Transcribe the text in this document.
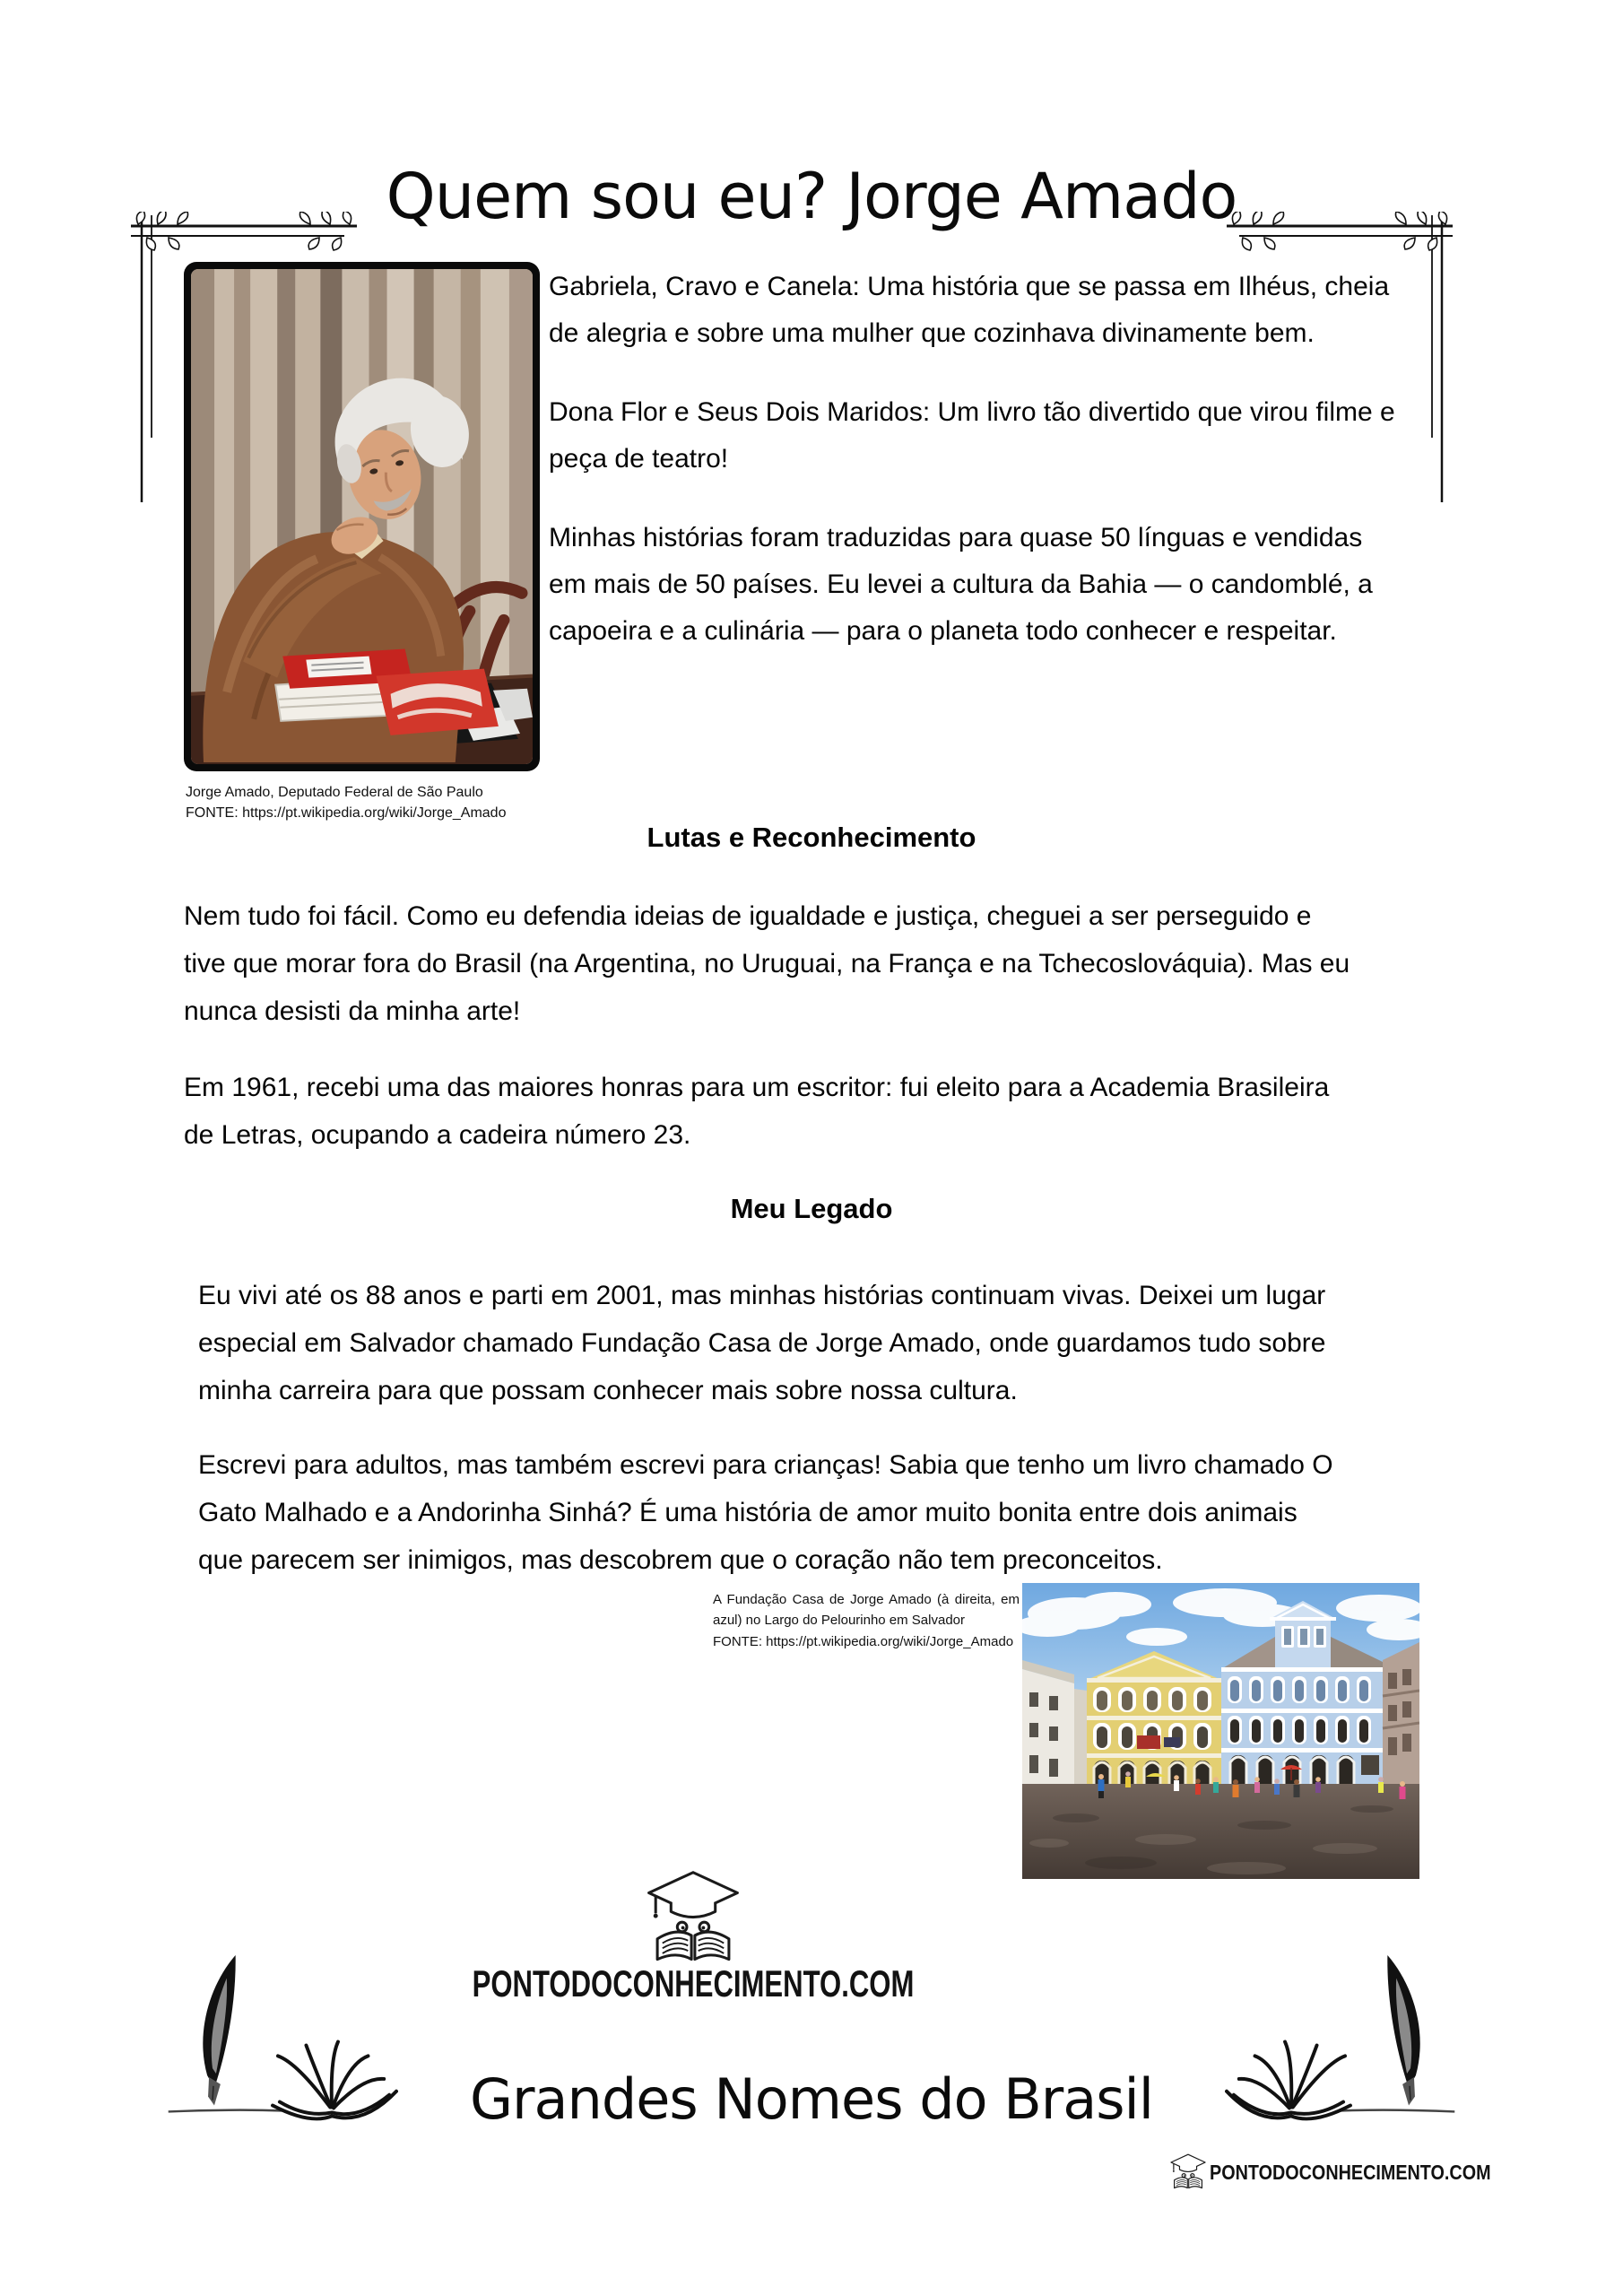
Quem sou eu? Jorge Amado
Jorge Amado, Deputado Federal de São Paulo
FONTE: https://pt.wikipedia.org/wiki/Jorge_Amado

Gabriela, Cravo e Canela: Uma história que se passa em Ilhéus, cheia de alegria e sobre uma mulher que cozinhava divinamente bem.

Dona Flor e Seus Dois Maridos: Um livro tão divertido que virou filme e peça de teatro!

Minhas histórias foram traduzidas para quase 50 línguas e vendidas em mais de 50 países. Eu levei a cultura da Bahia — o candomblé, a capoeira e a culinária — para o planeta todo conhecer e respeitar.

Lutas e Reconhecimento

Nem tudo foi fácil. Como eu defendia ideias de igualdade e justiça, cheguei a ser perseguido e tive que morar fora do Brasil (na Argentina, no Uruguai, na França e na Tchecoslováquia). Mas eu nunca desisti da minha arte!

Em 1961, recebi uma das maiores honras para um escritor: fui eleito para a Academia Brasileira de Letras, ocupando a cadeira número 23.

Meu Legado

Eu vivi até os 88 anos e parti em 2001, mas minhas histórias continuam vivas. Deixei um lugar especial em Salvador chamado Fundação Casa de Jorge Amado, onde guardamos tudo sobre minha carreira para que possam conhecer mais sobre nossa cultura.

Escrevi para adultos, mas também escrevi para crianças! Sabia que tenho um livro chamado O Gato Malhado e a Andorinha Sinhá? É uma história de amor muito bonita entre dois animais que parecem ser inimigos, mas descobrem que o coração não tem preconceitos.

A Fundação Casa de Jorge Amado (à direita, em azul) no Largo do Pelourinho em Salvador
FONTE: https://pt.wikipedia.org/wiki/Jorge_Amado
PONTODOCONHECIMENTO.COM
Grandes Nomes do Brasil
PONTODOCONHECIMENTO.COM
